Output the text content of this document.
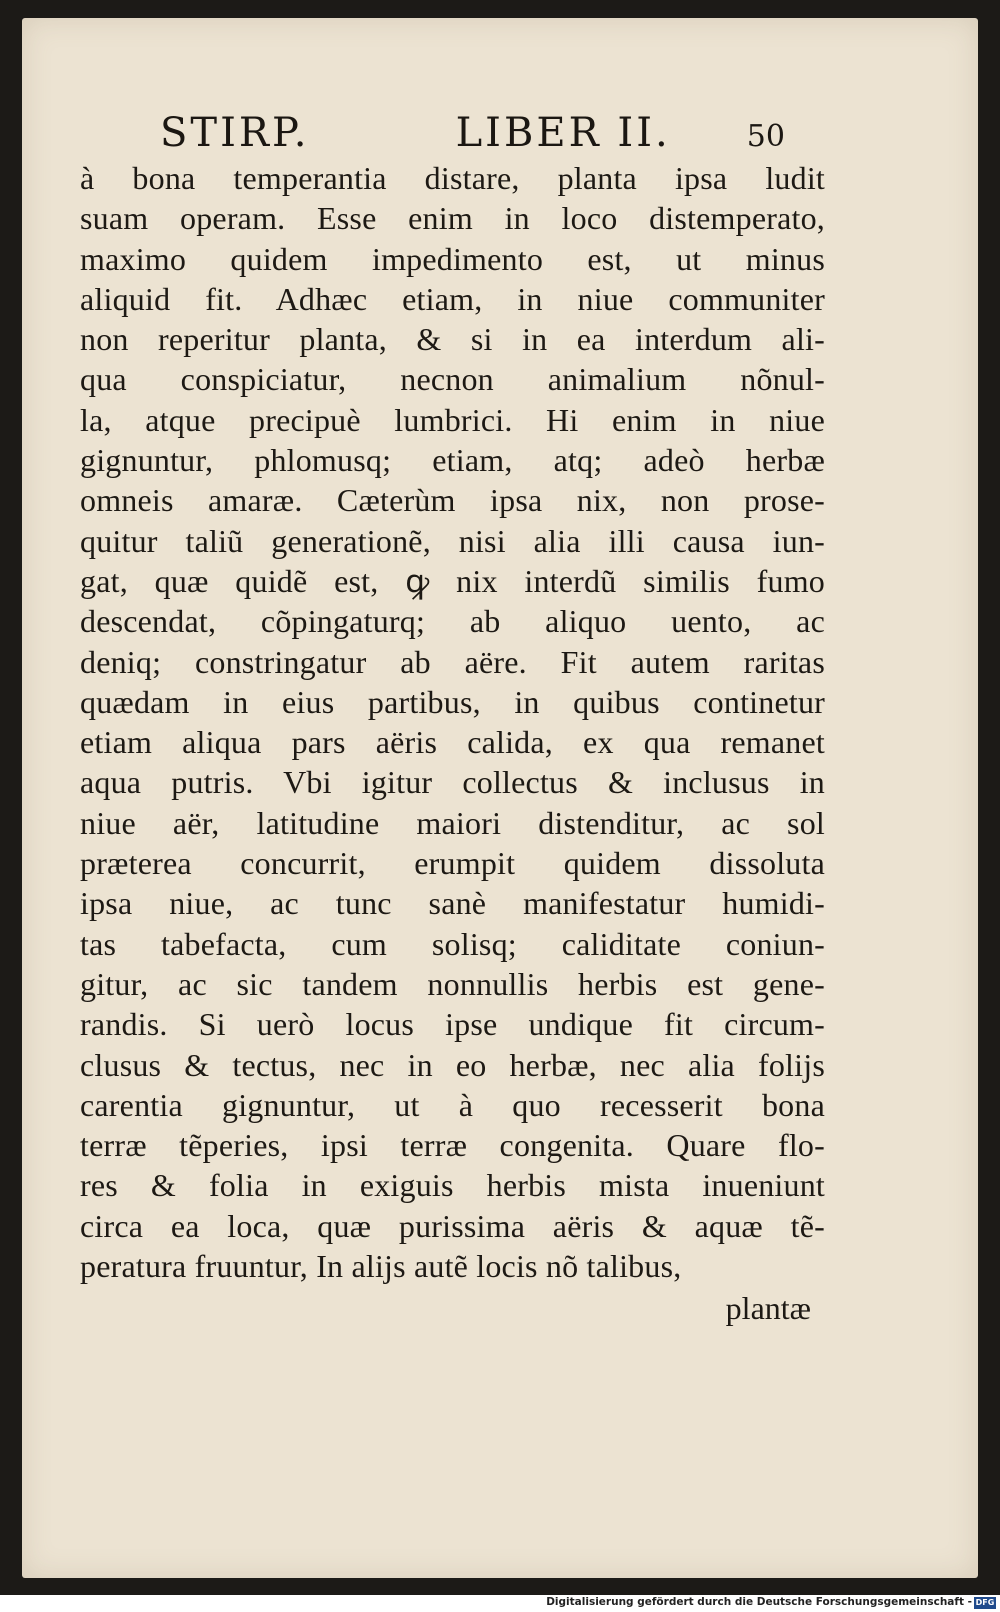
STIRP.	LIBER II.	50
à bona temperantia distare, planta ipsa ludit
suam operam. Esse enim in loco distemperato,
maximo quidem impedimento est, ut minus
aliquid fit. Adhæc etiam, in niue communiter
non reperitur planta, & si in ea interdum ali-
qua conspiciatur, necnon animalium nõnul-
la, atque precipuè lumbrici. Hi enim in niue
gignuntur, phlomusq; etiam, atq; adeò herbæ
omneis amaræ. Cæterùm ipsa nix, non prose-
quitur taliũ generationẽ, nisi alia illi causa iun-
gat, quæ quidẽ est, ꝙ nix interdũ similis fumo
descendat, cõpingaturq; ab aliquo uento, ac
deniq; constringatur ab aëre. Fit autem raritas
quædam in eius partibus, in quibus continetur
etiam aliqua pars aëris calida, ex qua remanet
aqua putris. Vbi igitur collectus & inclusus in
niue aër, latitudine maiori distenditur, ac sol
præterea concurrit, erumpit quidem dissoluta
ipsa niue, ac tunc sanè manifestatur humidi-
tas tabefacta, cum solisq; caliditate coniun-
gitur, ac sic tandem nonnullis herbis est gene-
randis. Si uerò locus ipse undique fit circum-
clusus & tectus, nec in eo herbæ, nec alia folijs
carentia gignuntur, ut à quo recesserit bona
terræ tẽperies, ipsi terræ congenita. Quare flo-
res & folia in exiguis herbis mista inueniunt
circa ea loca, quæ purissima aëris & aquæ tẽ-
peratura fruuntur, In alijs autẽ locis nõ talibus,
plantæ
Digitalisierung gefördert durch die Deutsche Forschungsgemeinschaft - DFG
